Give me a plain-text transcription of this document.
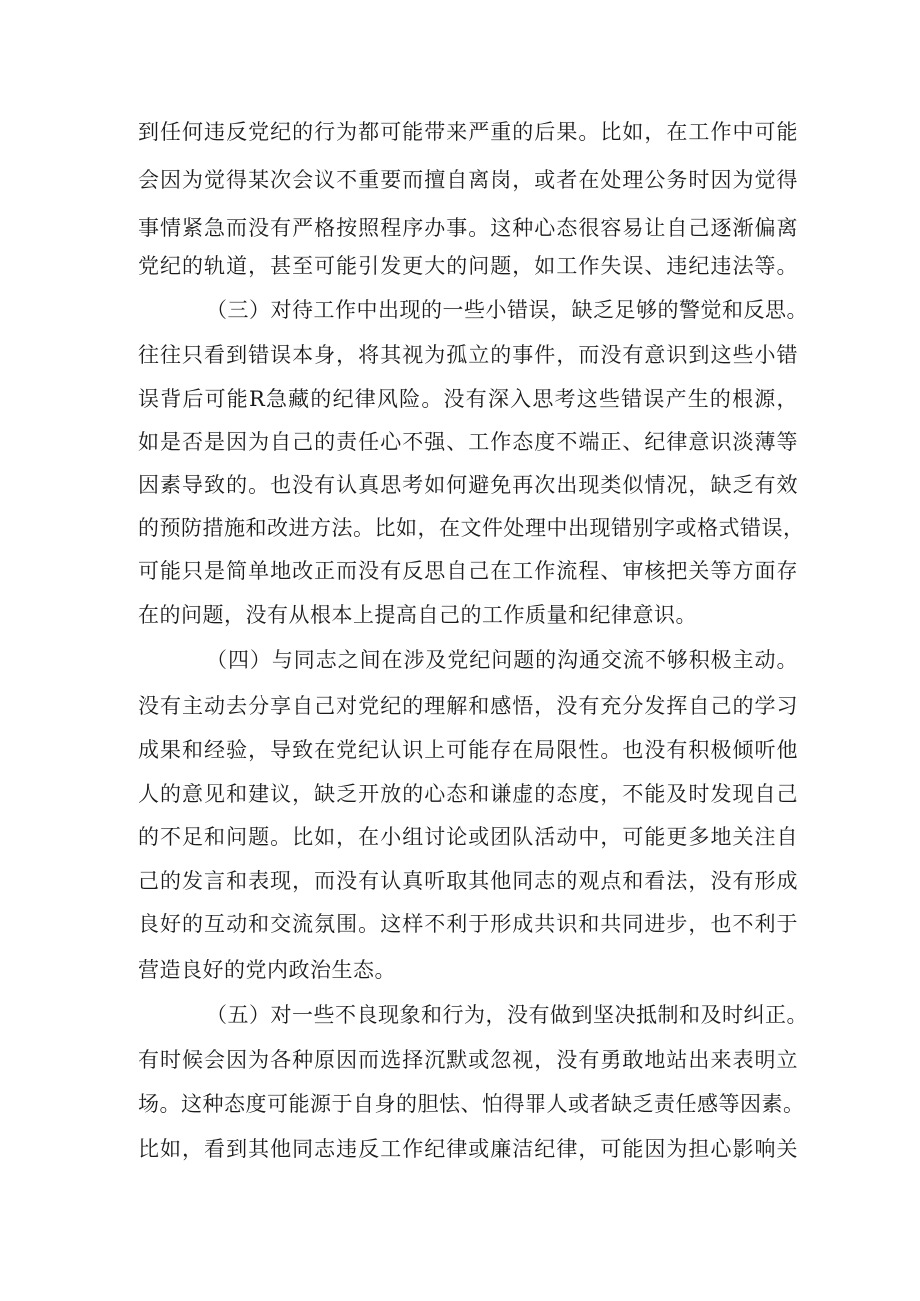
到任何违反党纪的行为都可能带来严重的后果。比如，在工作中可能

会因为觉得某次会议不重要而擅自离岗，或者在处理公务时因为觉得

事情紧急而没有严格按照程序办事。这种心态很容易让自己逐渐偏离

党纪的轨道，甚至可能引发更大的问题，如工作失误、违纪违法等。

（三）对待工作中出现的一些小错误，缺乏足够的警觉和反思。

往往只看到错误本身，将其视为孤立的事件，而没有意识到这些小错

误背后可能R急藏的纪律风险。没有深入思考这些错误产生的根源，

如是否是因为自己的责任心不强、工作态度不端正、纪律意识淡薄等

因素导致的。也没有认真思考如何避免再次出现类似情况，缺乏有效

的预防措施和改进方法。比如，在文件处理中出现错别字或格式错误，

可能只是简单地改正而没有反思自己在工作流程、审核把关等方面存

在的问题，没有从根本上提高自己的工作质量和纪律意识。

（四）与同志之间在涉及党纪问题的沟通交流不够积极主动。

没有主动去分享自己对党纪的理解和感悟，没有充分发挥自己的学习

成果和经验，导致在党纪认识上可能存在局限性。也没有积极倾听他

人的意见和建议，缺乏开放的心态和谦虚的态度，不能及时发现自己

的不足和问题。比如，在小组讨论或团队活动中，可能更多地关注自

己的发言和表现，而没有认真听取其他同志的观点和看法，没有形成

良好的互动和交流氛围。这样不利于形成共识和共同进步，也不利于

营造良好的党内政治生态。

（五）对一些不良现象和行为，没有做到坚决抵制和及时纠正。

有时候会因为各种原因而选择沉默或忽视，没有勇敢地站出来表明立

场。这种态度可能源于自身的胆怯、怕得罪人或者缺乏责任感等因素。

比如，看到其他同志违反工作纪律或廉洁纪律，可能因为担心影响关
